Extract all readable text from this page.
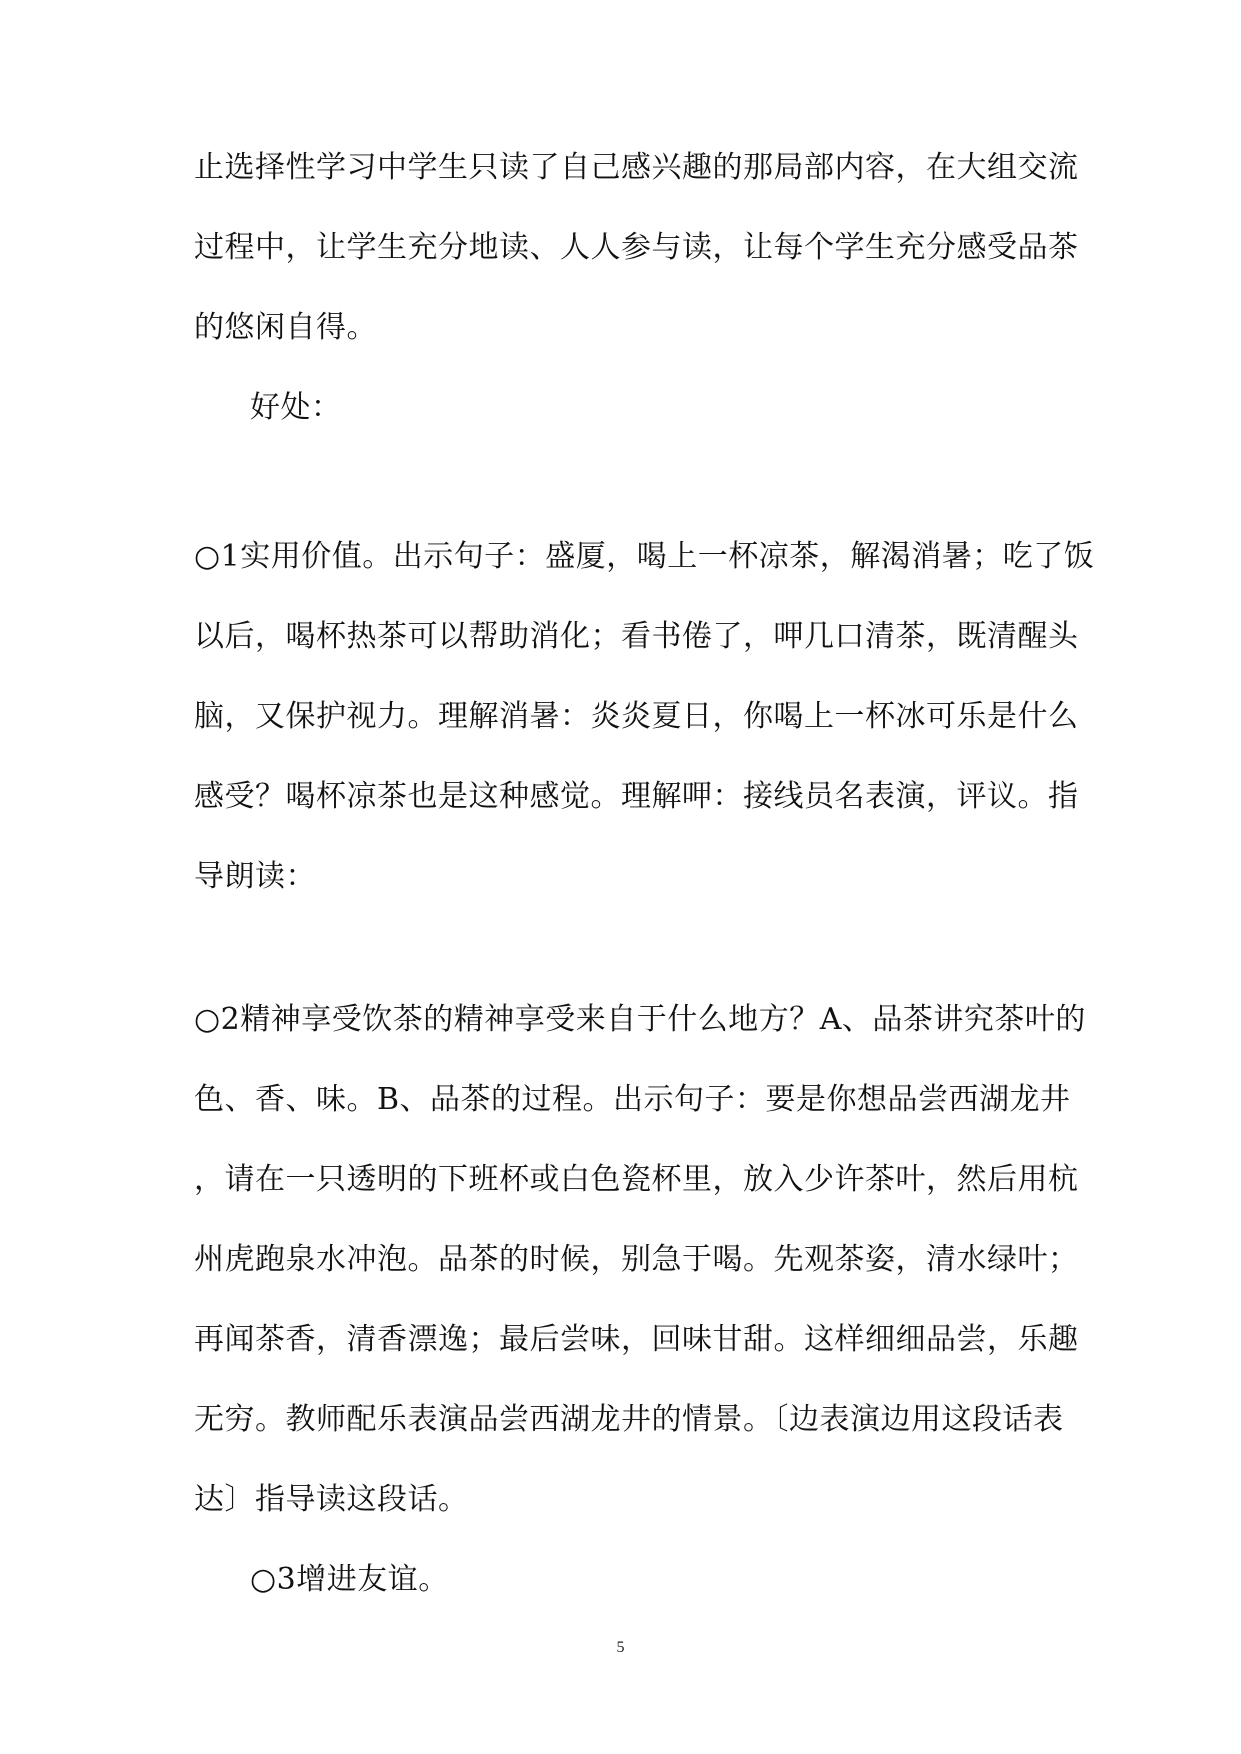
止选择性学习中学生只读了自己感兴趣的那局部内容，在大组交流
过程中，让学生充分地读、人人参与读，让每个学生充分感受品茶
的悠闲自得。
好处：
○1实用价值。出示句子：盛厦，喝上一杯凉茶，解渴消暑；吃了饭
以后，喝杯热茶可以帮助消化；看书倦了，呷几口清茶，既清醒头
脑，又保护视力。理解消暑：炎炎夏日，你喝上一杯冰可乐是什么
感受？喝杯凉茶也是这种感觉。理解呷：接线员名表演，评议。指
导朗读：
○2精神享受饮茶的精神享受来自于什么地方？A、品茶讲究茶叶的
色、香、味。B、品茶的过程。出示句子：要是你想品尝西湖龙井
，请在一只透明的下班杯或白色瓷杯里，放入少许茶叶，然后用杭
州虎跑泉水冲泡。品茶的时候，别急于喝。先观茶姿，清水绿叶；
再闻茶香，清香漂逸；最后尝味，回味甘甜。这样细细品尝，乐趣
无穷。教师配乐表演品尝西湖龙井的情景。〔边表演边用这段话表
达〕指导读这段话。
○3增进友谊。
5
